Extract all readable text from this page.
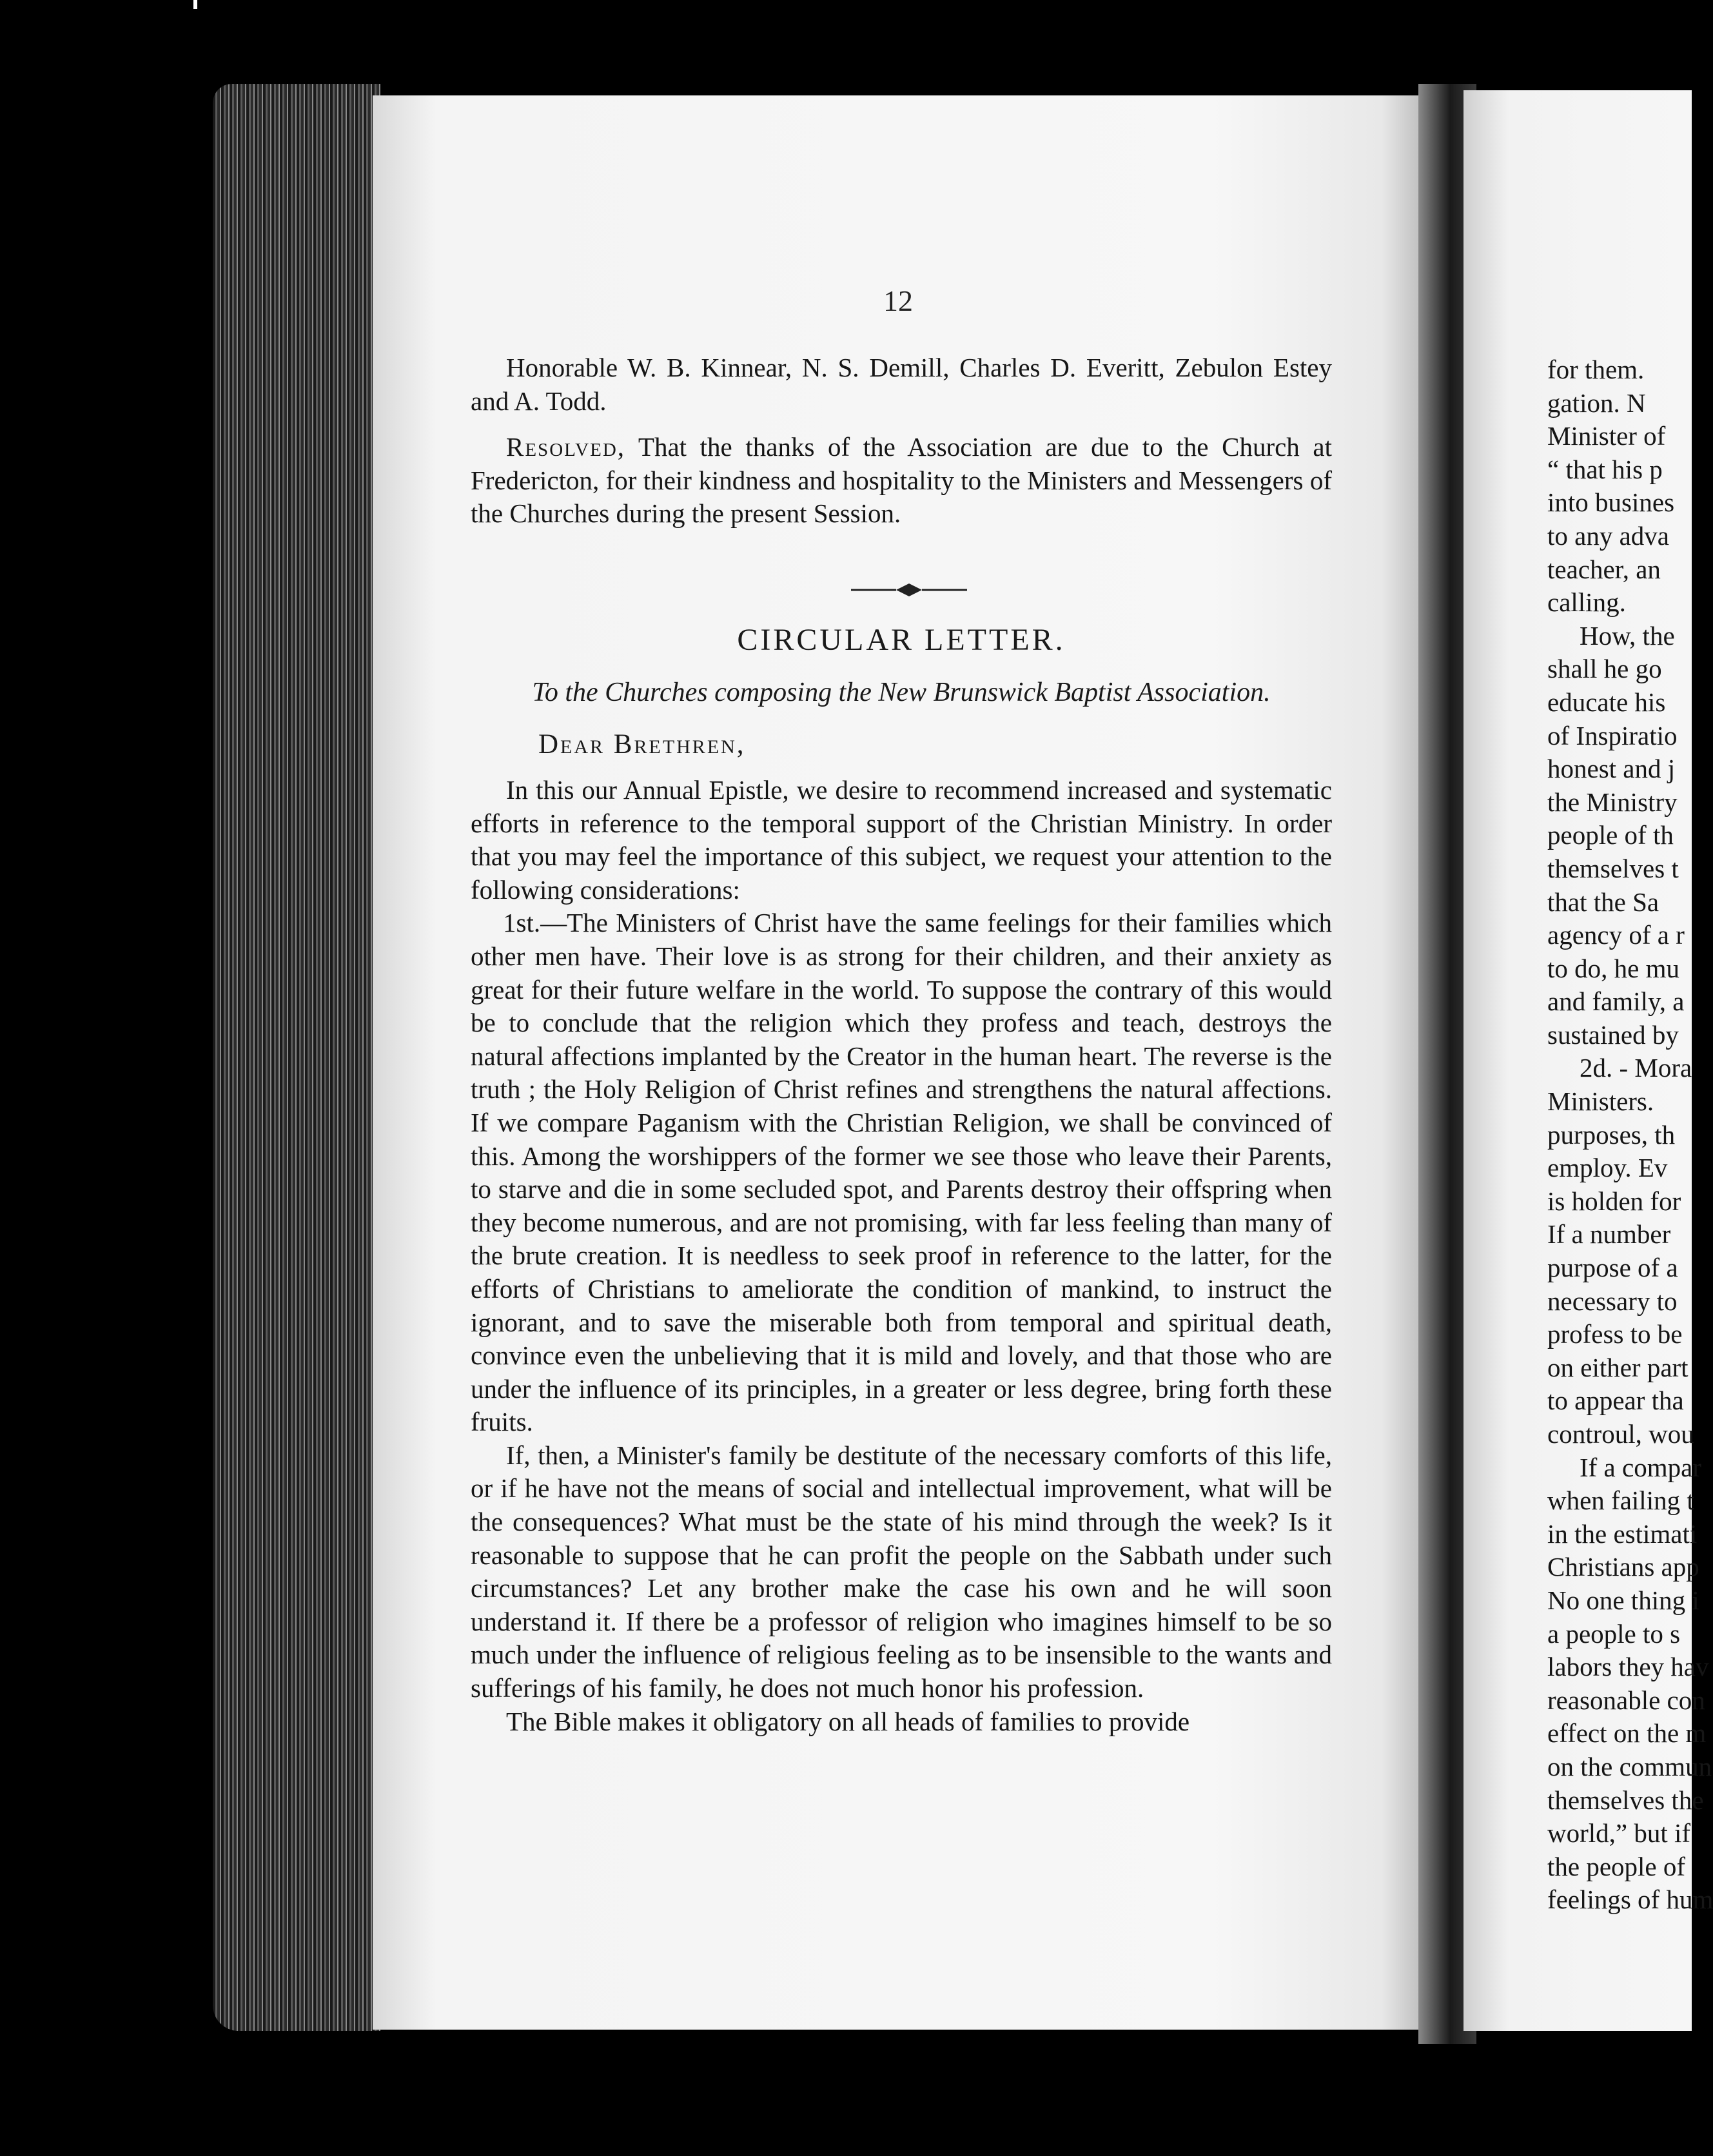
12

Honorable W. B. Kinnear, N. S. Demill, Charles D. Everitt, Zebulon Estey and A. Todd.

Resolved, That the thanks of the Association are due to the Church at Fredericton, for their kindness and hospitality to the Ministers and Messengers of the Churches during the present Session.

CIRCULAR LETTER.
To the Churches composing the New Brunswick Baptist Association.
Dear Brethren,

In this our Annual Epistle, we desire to recommend increased and systematic efforts in reference to the temporal support of the Christian Ministry. In order that you may feel the importance of this subject, we request your attention to the following considerations:

1st.—The Ministers of Christ have the same feelings for their families which other men have. Their love is as strong for their children, and their anxiety as great for their future welfare in the world. To suppose the contrary of this would be to conclude that the religion which they profess and teach, destroys the natural affections implanted by the Creator in the human heart. The reverse is the truth ; the Holy Religion of Christ refines and strengthens the natural affections. If we compare Paganism with the Christian Religion, we shall be convinced of this. Among the worshippers of the former we see those who leave their Parents, to starve and die in some secluded spot, and Parents destroy their offspring when they become numerous, and are not promising, with far less feeling than many of the brute creation. It is needless to seek proof in reference to the latter, for the efforts of Christians to ameliorate the condition of mankind, to instruct the ignorant, and to save the miserable both from temporal and spiritual death, convince even the unbelieving that it is mild and lovely, and that those who are under the influence of its principles, in a greater or less degree, bring forth these fruits.

If, then, a Minister's family be destitute of the necessary comforts of this life, or if he have not the means of social and intellectual improvement, what will be the consequences? What must be the state of his mind through the week? Is it reasonable to suppose that he can profit the people on the Sabbath under such circumstances? Let any brother make the case his own and he will soon understand it. If there be a professor of religion who imagines himself to be so much under the influence of religious feeling as to be insensible to the wants and sufferings of his family, he does not much honor his profession.

The Bible makes it obligatory on all heads of families to provide

for them.
gation. N
Minister of
“ that his p
into busines
to any adva
teacher, an
calling.
How, the
shall he go
educate his
of Inspiratio
honest and j
the Ministry
people of th
themselves t
that the Sa
agency of a r
to do, he mu
and family, a
sustained by
2d. - Mora
Ministers.
purposes, th
employ. Ev
is holden for
If a number
purpose of a
necessary to
profess to be
on either part
to appear tha
controul, wou
If a compar
when failing t
in the estimati
Christians app
No one thing i
a people to s
labors they hav
reasonable con
effect on the m
on the commun
themselves the
world,” but if
the people of
feelings of hum
